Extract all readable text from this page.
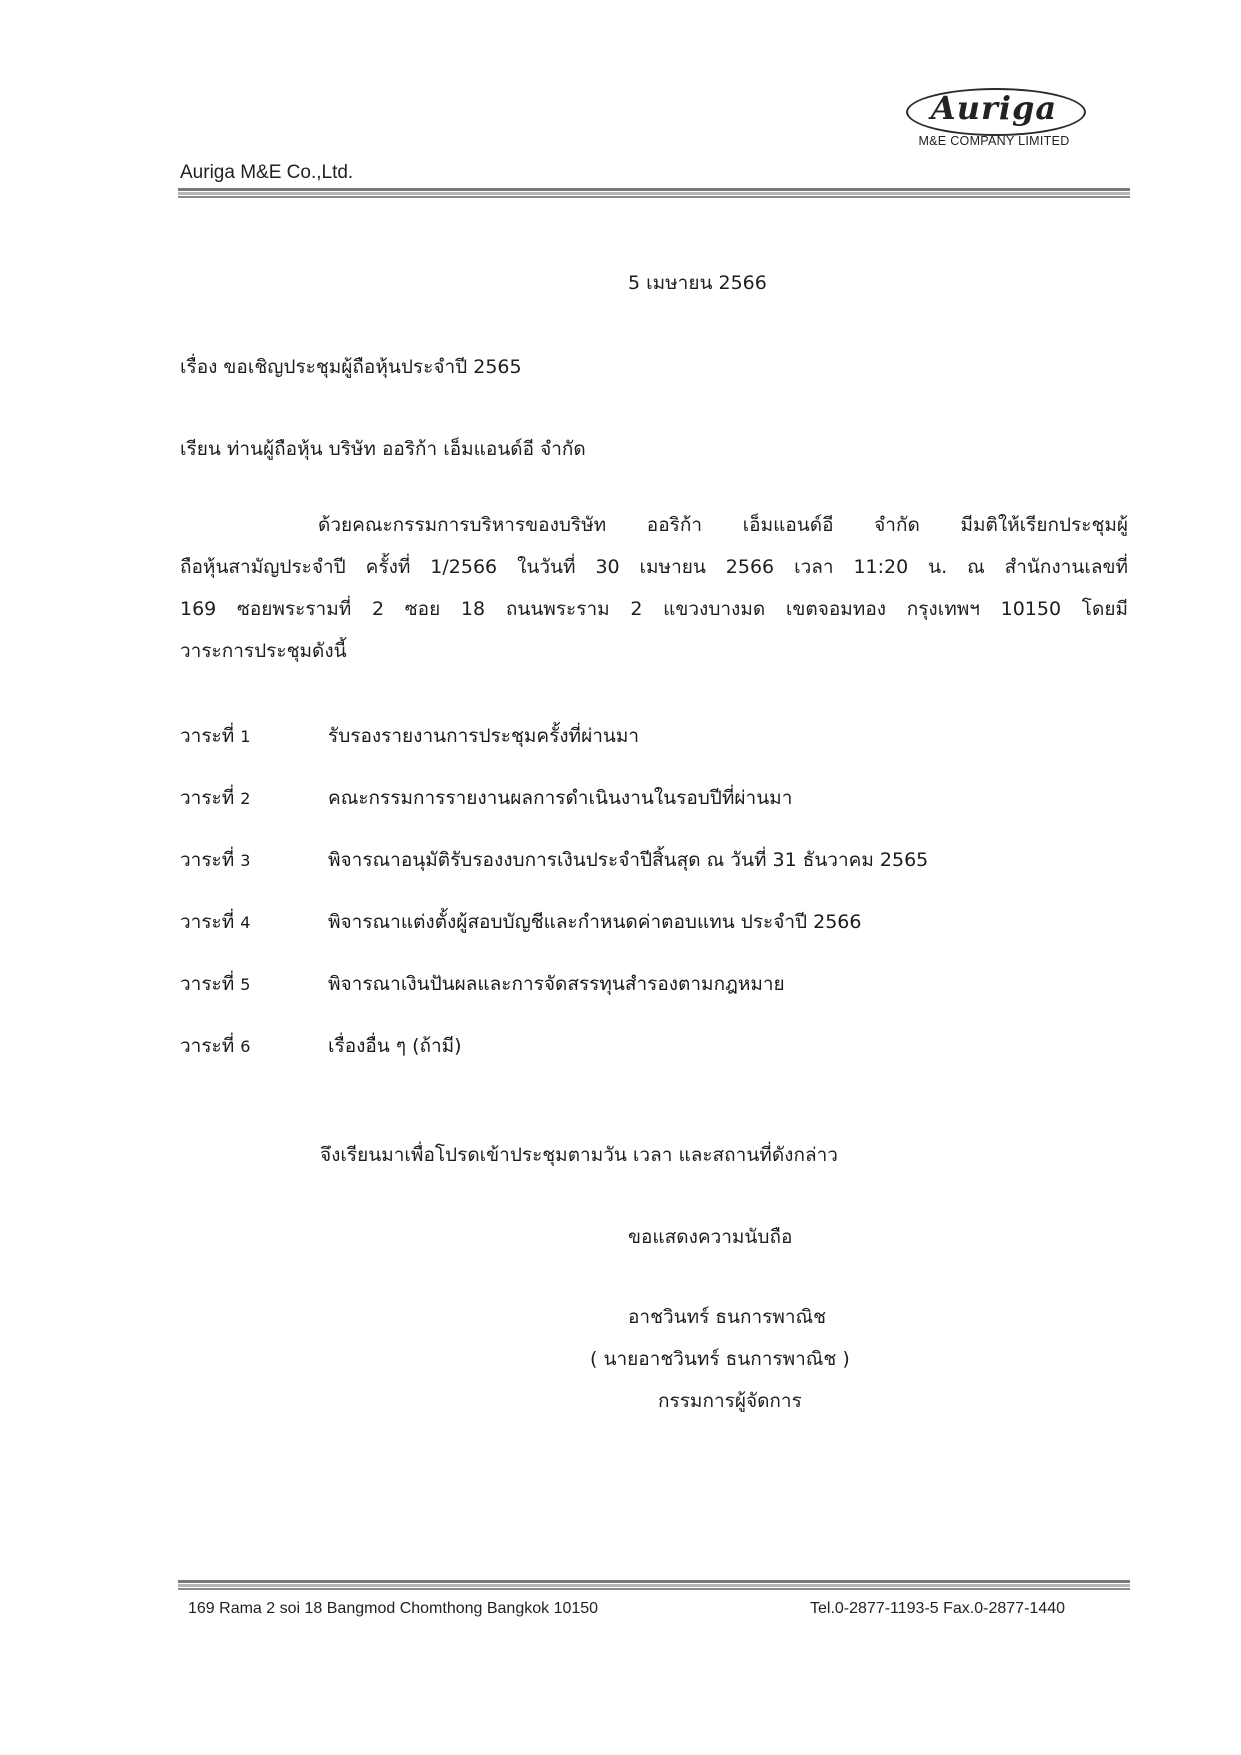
Auriga
M&E COMPANY LIMITED
Auriga M&E Co.,Ltd.
5 เมษายน 2566
เรื่อง ขอเชิญประชุมผู้ถือหุ้นประจำปี 2565
เรียน ท่านผู้ถือหุ้น บริษัท ออริก้า เอ็มแอนด์อี จำกัด
ด้วยคณะกรรมการบริหารของบริษัท ออริก้า เอ็มแอนด์อี จำกัด มีมติให้เรียกประชุมผู้
ถือหุ้นสามัญประจำปี ครั้งที่ 1/2566 ในวันที่ 30 เมษายน 2566 เวลา 11:20 น. ณ สำนักงานเลขที่
169 ซอยพระรามที่ 2 ซอย 18 ถนนพระราม 2 แขวงบางมด เขตจอมทอง กรุงเทพฯ 10150 โดยมี
วาระการประชุมดังนี้
วาระที่ 1	รับรองรายงานการประชุมครั้งที่ผ่านมา
วาระที่ 2	คณะกรรมการรายงานผลการดำเนินงานในรอบปีที่ผ่านมา
วาระที่ 3	พิจารณาอนุมัติรับรองงบการเงินประจำปีสิ้นสุด ณ วันที่ 31 ธันวาคม 2565
วาระที่ 4	พิจารณาแต่งตั้งผู้สอบบัญชีและกำหนดค่าตอบแทน ประจำปี 2566
วาระที่ 5	พิจารณาเงินปันผลและการจัดสรรทุนสำรองตามกฎหมาย
วาระที่ 6	เรื่องอื่น ๆ (ถ้ามี)
จึงเรียนมาเพื่อโปรดเข้าประชุมตามวัน เวลา และสถานที่ดังกล่าว
ขอแสดงความนับถือ
อาชวินทร์ ธนการพาณิช
( นายอาชวินทร์ ธนการพาณิช )
กรรมการผู้จัดการ
169 Rama 2 soi 18 Bangmod Chomthong Bangkok 10150	Tel.0-2877-1193-5 Fax.0-2877-1440
